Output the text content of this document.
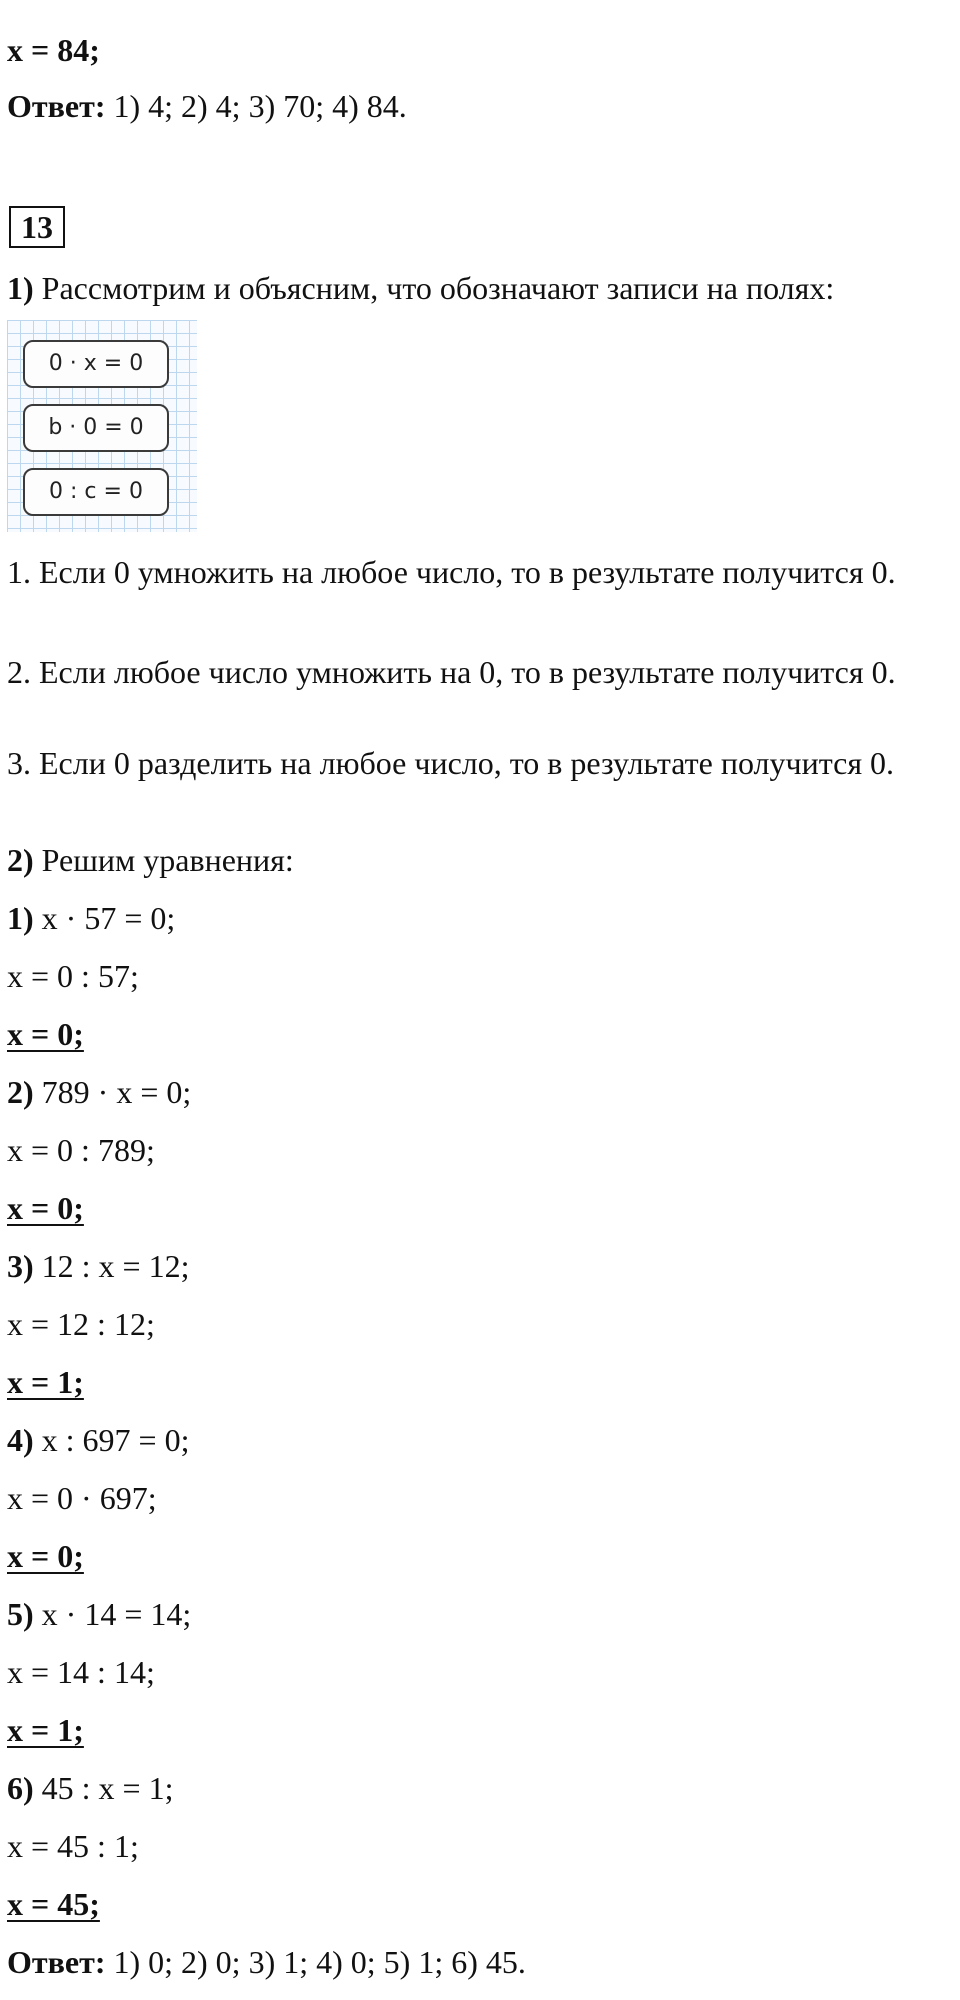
x = 84;
Ответ: 1) 4; 2) 4; 3) 70; 4) 84.
13
1) Рассмотрим и объясним, что обозначают записи на полях:
0 · x = 0
b · 0 = 0
0 : c = 0
1. Если 0 умножить на любое число, то в результате получится 0.
2. Если любое число умножить на 0, то в результате получится 0.
3. Если 0 разделить на любое число, то в результате получится 0.
2) Решим уравнения:
1) x · 57 = 0;
x = 0 : 57;
x = 0;
2) 789 · x = 0;
x = 0 : 789;
x = 0;
3) 12 : x = 12;
x = 12 : 12;
x = 1;
4) x : 697 = 0;
x = 0 · 697;
x = 0;
5) x · 14 = 14;
x = 14 : 14;
x = 1;
6) 45 : x = 1;
x = 45 : 1;
x = 45;
Ответ: 1) 0; 2) 0; 3) 1; 4) 0; 5) 1; 6) 45.
